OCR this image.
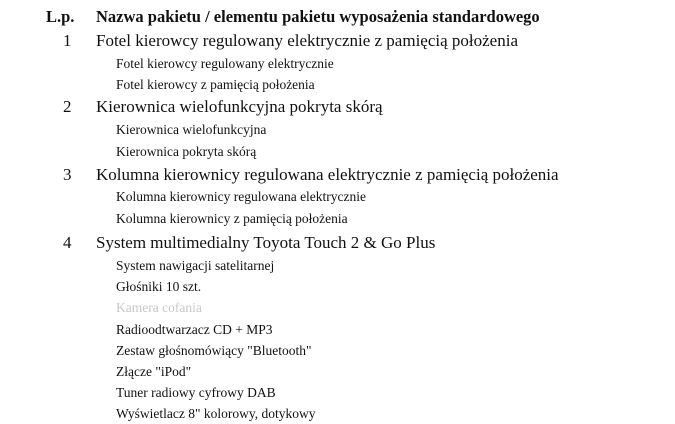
L.p. Nazwa pakietu / elementu pakietu wyposażenia standardowego
1 Fotel kierowcy regulowany elektrycznie z pamięcią położenia
Fotel kierowcy regulowany elektrycznie
Fotel kierowcy z pamięcią położenia
2 Kierownica wielofunkcyjna pokryta skórą
Kierownica wielofunkcyjna
Kierownica pokryta skórą
3 Kolumna kierownicy regulowana elektrycznie z pamięcią położenia
Kolumna kierownicy regulowana elektrycznie
Kolumna kierownicy z pamięcią położenia
4 System multimedialny Toyota Touch 2 & Go Plus
System nawigacji satelitarnej
Głośniki 10 szt.
Kamera cofania
Radioodtwarzacz CD + MP3
Zestaw głośnomówiący "Bluetooth"
Złącze "iPod"
Tuner radiowy cyfrowy DAB
Wyświetlacz 8" kolorowy, dotykowy
